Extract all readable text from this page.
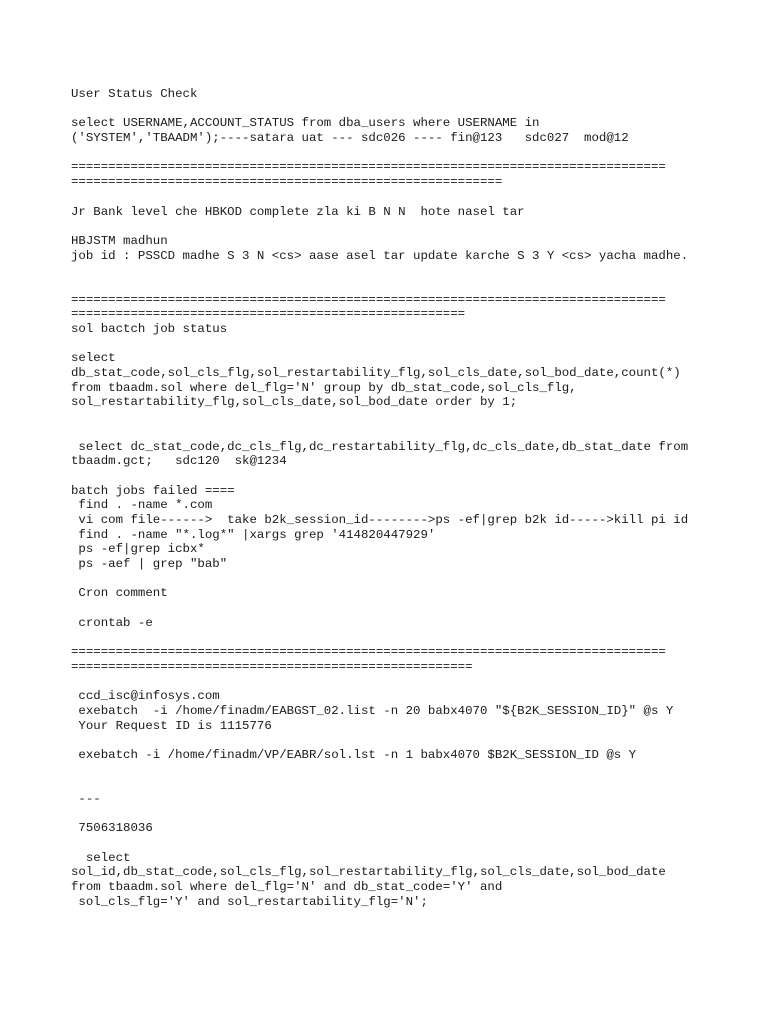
User Status Check
select USERNAME,ACCOUNT_STATUS from dba_users where USERNAME in
('SYSTEM','TBAADM');----satara uat --- sdc026 ---- fin@123   sdc027  mod@12
================================================================================
==========================================================
Jr Bank level che HBKOD complete zla ki B N N  hote nasel tar
HBJSTM madhun
job id : PSSCD madhe S 3 N <cs> aase asel tar update karche S 3 Y <cs> yacha madhe.
================================================================================
=====================================================
sol bactch job status
select
db_stat_code,sol_cls_flg,sol_restartability_flg,sol_cls_date,sol_bod_date,count(*)
from tbaadm.sol where del_flg='N' group by db_stat_code,sol_cls_flg,
sol_restartability_flg,sol_cls_date,sol_bod_date order by 1;
select dc_stat_code,dc_cls_flg,dc_restartability_flg,dc_cls_date,db_stat_date from
tbaadm.gct;   sdc120  sk@1234
batch jobs failed ====
find . -name *.com
vi com file------>  take b2k_session_id-------->ps -ef|grep b2k id----->kill pi id
find . -name "*.log*" |xargs grep '414820447929'
ps -ef|grep icbx*
ps -aef | grep "bab"
Cron comment
crontab -e
================================================================================
======================================================
ccd_isc@infosys.com
exebatch  -i /home/finadm/EABGST_02.list -n 20 babx4070 "${B2K_SESSION_ID}" @s Y
Your Request ID is 1115776
exebatch -i /home/finadm/VP/EABR/sol.lst -n 1 babx4070 $B2K_SESSION_ID @s Y
---
7506318036
select
sol_id,db_stat_code,sol_cls_flg,sol_restartability_flg,sol_cls_date,sol_bod_date
from tbaadm.sol where del_flg='N' and db_stat_code='Y' and
sol_cls_flg='Y' and sol_restartability_flg='N';
